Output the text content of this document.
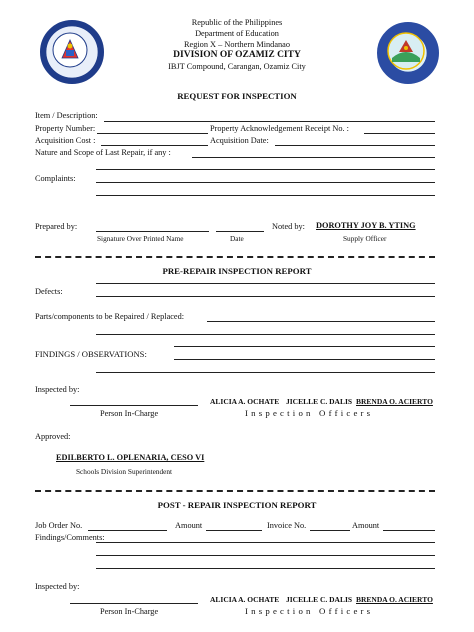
Republic of the Philippines
Department of Education
Region X – Northern Mindanao
DIVISION OF OZAMIZ CITY
IBJT Compound, Carangan, Ozamiz City
REQUEST FOR INSPECTION
Item / Description:
Property Number:	Property Acknowledgement Receipt No. :
Acquisition Cost :	Acquisition Date:
Nature and Scope of Last Repair, if any :
Complaints:
Prepared by:
Signature Over Printed Name	Date
Noted by: DOROTHY JOY B. YTING
Supply Officer
PRE-REPAIR INSPECTION REPORT
Defects:
Parts/components to be Repaired / Replaced:
FINDINGS / OBSERVATIONS:
Inspected by:
Person In-Charge
ALICIA A. OCHATE JICELLE C. DALIS BRENDA O. ACIERTO
Inspection Officers
Approved:
EDILBERTO L. OPLENARIA, CESO VI
Schools Division Superintendent
POST - REPAIR INSPECTION REPORT
Job Order No.	Amount	Invoice No.	Amount
Findings/Comments:
Inspected by:
Person In-Charge
ALICIA A. OCHATE JICELLE C. DALIS BRENDA O. ACIERTO
Inspection Officers
